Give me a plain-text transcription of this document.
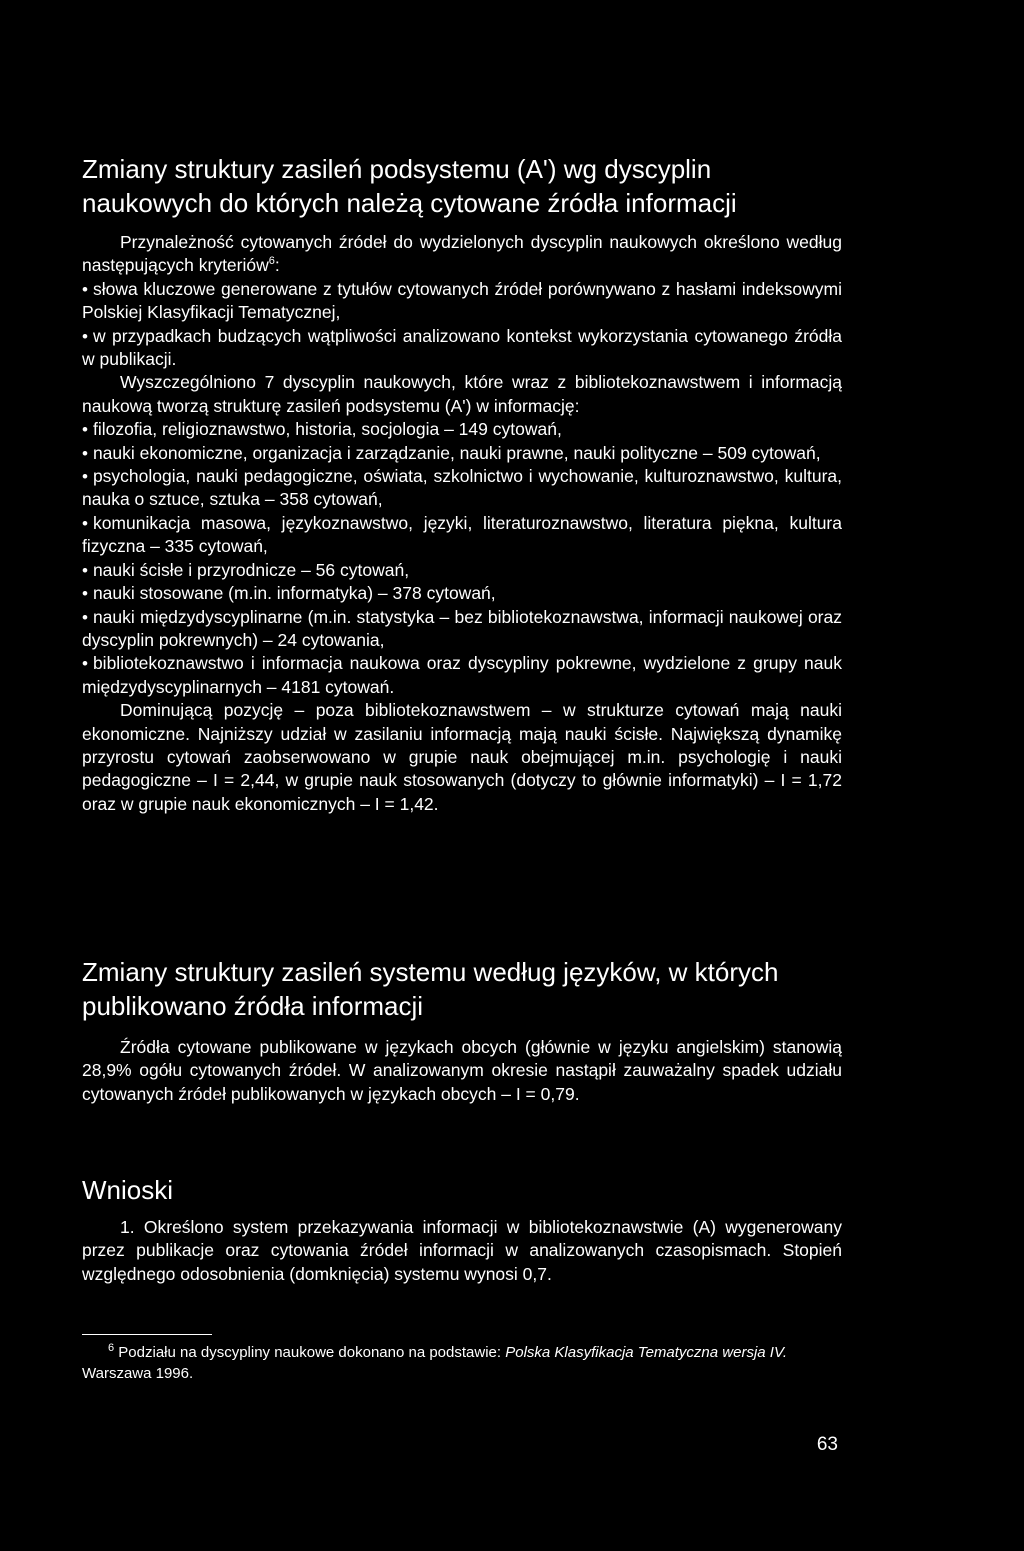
Zmiany struktury zasileń podsystemu (A') wg dyscyplin naukowych do których należą cytowane źródła informacji

Przynależność cytowanych źródeł do wydzielonych dyscyplin naukowych określono według następujących kryteriów$^6$:

• słowa kluczowe generowane z tytułów cytowanych źródeł porównywano z hasłami indeksowymi Polskiej Klasyfikacji Tematycznej,
• w przypadkach budzących wątpliwości analizowano kontekst wykorzystania cytowanego źródła w publikacji.

Wyszczególniono 7 dyscyplin naukowych, które wraz z bibliotekoznawstwem i informacją naukową tworzą strukturę zasileń podsystemu (A') w informację:

• filozofia, religioznawstwo, historia, socjologia – 149 cytowań,
• nauki ekonomiczne, organizacja i zarządzanie, nauki prawne, nauki polityczne – 509 cytowań,
• psychologia, nauki pedagogiczne, oświata, szkolnictwo i wychowanie, kulturoznawstwo, kultura, nauka o sztuce, sztuka – 358 cytowań,
• komunikacja masowa, językoznawstwo, języki, literaturoznawstwo, literatura piękna, kultura fizyczna – 335 cytowań,
• nauki ścisłe i przyrodnicze – 56 cytowań,
• nauki stosowane (m.in. informatyka) – 378 cytowań,
• nauki międzydyscyplinarne (m.in. statystyka – bez bibliotekoznawstwa, informacji naukowej oraz dyscyplin pokrewnych) – 24 cytowania,
• bibliotekoznawstwo i informacja naukowa oraz dyscypliny pokrewne, wydzielone z grupy nauk międzydyscyplinarnych – 4181 cytowań.

Dominującą pozycję – poza bibliotekoznawstwem – w strukturze cytowań mają nauki ekonomiczne. Najniższy udział w zasilaniu informacją mają nauki ścisłe. Największą dynamikę przyrostu cytowań zaobserwowano w grupie nauk obejmującej m.in. psychologię i nauki pedagogiczne – I = 2,44, w grupie nauk stosowanych (dotyczy to głównie informatyki) – I = 1,72 oraz w grupie nauk ekonomicznych – I = 1,42.

Zmiany struktury zasileń systemu według języków, w których publikowano źródła informacji

Źródła cytowane publikowane w językach obcych (głównie w języku angielskim) stanowią 28,9% ogółu cytowanych źródeł. W analizowanym okresie nastąpił zauważalny spadek udziału cytowanych źródeł publikowanych w językach obcych – I = 0,79.

Wnioski

1. Określono system przekazywania informacji w bibliotekoznawstwie (A) wygenerowany przez publikacje oraz cytowania źródeł informacji w analizowanych czasopismach. Stopień względnego odosobnienia (domknięcia) systemu wynosi 0,7.

$^6$ Podziału na dyscypliny naukowe dokonano na podstawie: Polska Klasyfikacja Tematyczna wersja IV. Warszawa 1996.
63
